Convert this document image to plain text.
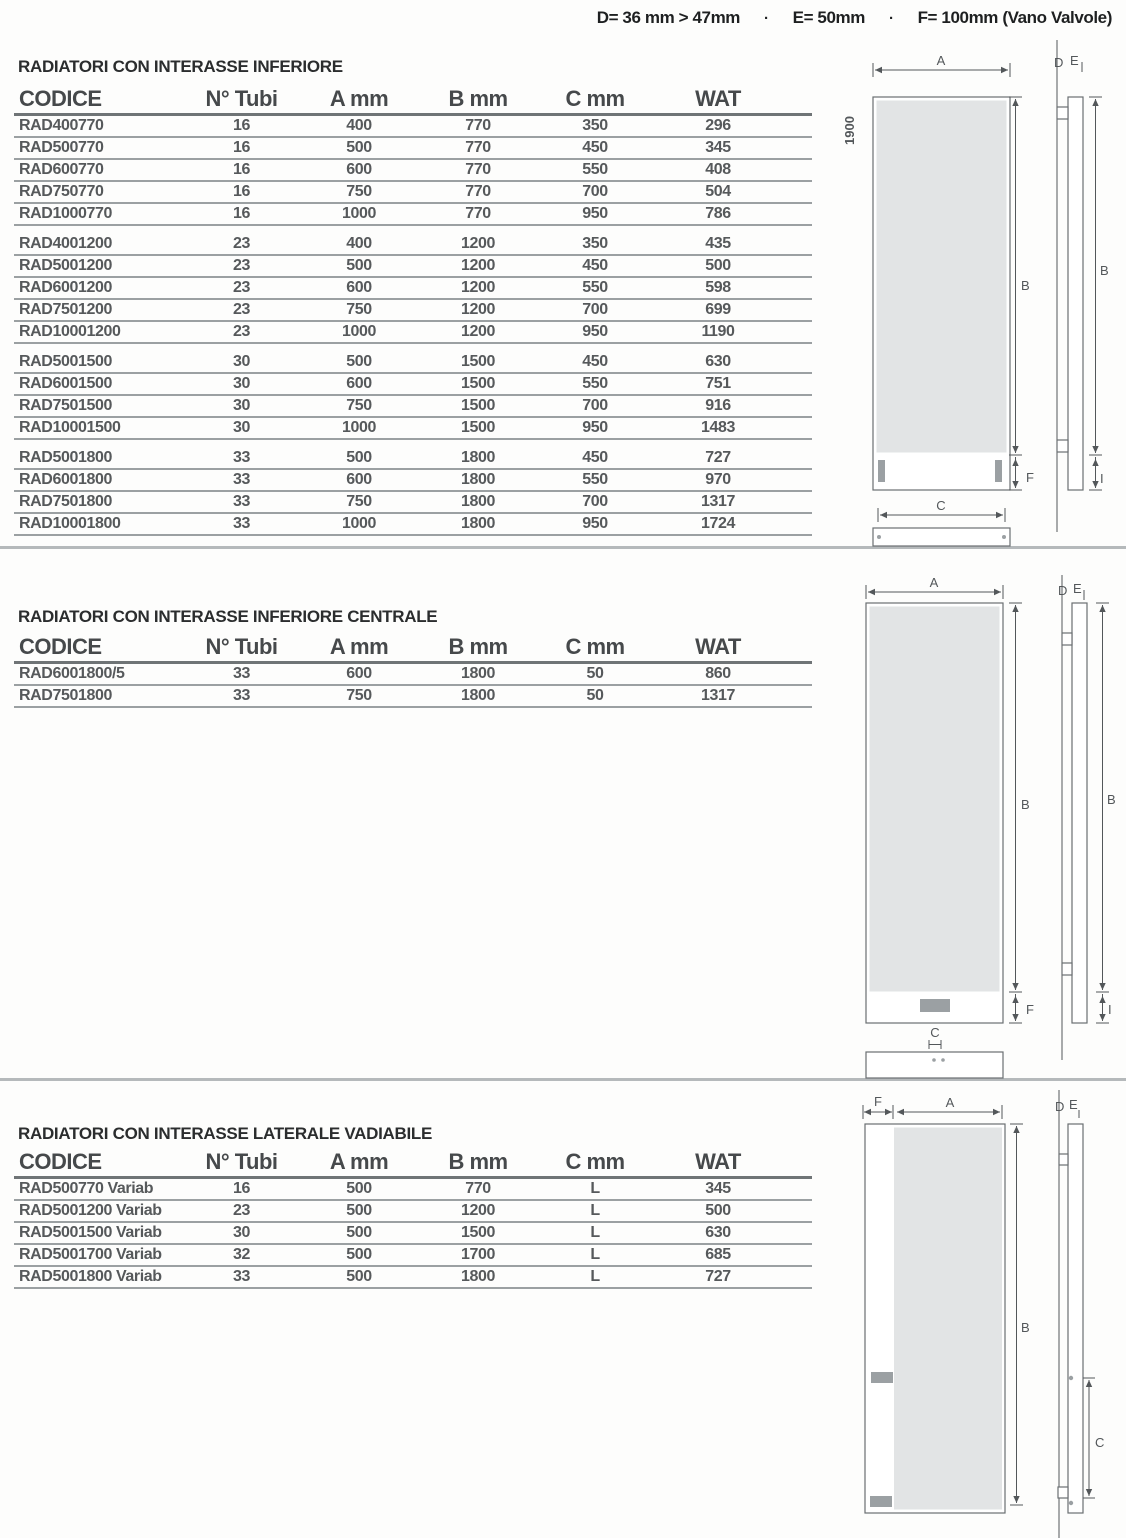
D= 36 mm > 47mm · E= 50mm · F= 100mm (Vano Valvole)
RADIATORI CON INTERASSE INFERIORE
CODICE	N° Tubi	A mm	B mm	C mm	WAT
RAD400770	16	400	770	350	296
RAD500770	16	500	770	450	345
RAD600770	16	600	770	550	408
RAD750770	16	750	770	700	504
RAD1000770	16	1000	770	950	786
RAD4001200	23	400	1200	350	435
RAD5001200	23	500	1200	450	500
RAD6001200	23	600	1200	550	598
RAD7501200	23	750	1200	700	699
RAD10001200	23	1000	1200	950	1190
RAD5001500	30	500	1500	450	630
RAD6001500	30	600	1500	550	751
RAD7501500	30	750	1500	700	916
RAD10001500	30	1000	1500	950	1483
RAD5001800	33	500	1800	450	727
RAD6001800	33	600	1800	550	970
RAD7501800	33	750	1800	700	1317
RAD10001800	33	1000	1800	950	1724
RADIATORI CON INTERASSE INFERIORE CENTRALE
CODICE	N° Tubi	A mm	B mm	C mm	WAT
RAD6001800/5	33	600	1800	50	860
RAD7501800	33	750	1800	50	1317
RADIATORI CON INTERASSE LATERALE VADIABILE
CODICE	N° Tubi	A mm	B mm	C mm	WAT
RAD500770 Variab	16	500	770	L	345
RAD5001200 Variab	23	500	1200	L	500
RAD5001500 Variab	30	500	1500	L	630
RAD5001700 Variab	32	500	1700	L	685
RAD5001800 Variab	33	500	1800	L	727
A
1900
B
F
C
D E
B
I
A
B
F
C
D E
B
I
F	A
B
D E
C
